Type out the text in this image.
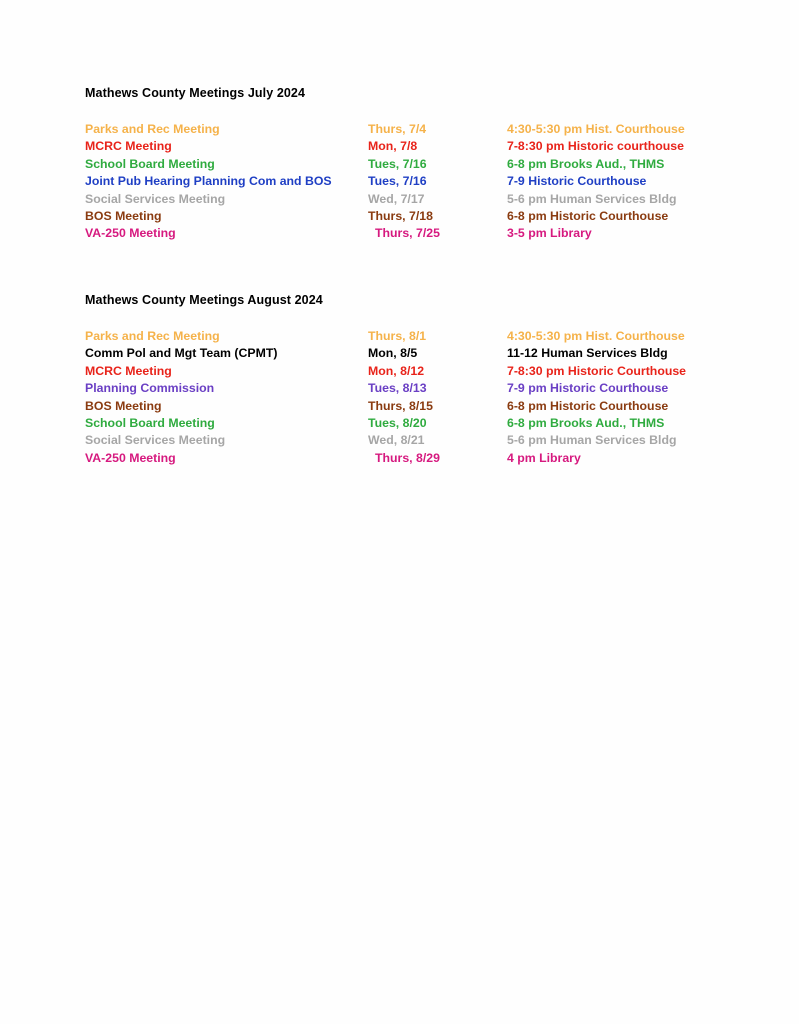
Mathews County Meetings July 2024
Parks and Rec Meeting	Thurs, 7/4	4:30-5:30 pm Hist. Courthouse
MCRC Meeting	Mon, 7/8	7-8:30 pm Historic courthouse
School Board Meeting	Tues, 7/16	6-8 pm Brooks Aud., THMS
Joint Pub Hearing Planning Com and BOS	Tues, 7/16	7-9 Historic Courthouse
Social Services Meeting	Wed, 7/17	5-6 pm Human Services Bldg
BOS Meeting	Thurs, 7/18	6-8 pm Historic Courthouse
VA-250 Meeting	Thurs, 7/25	3-5 pm Library
Mathews County Meetings August 2024
Parks and Rec Meeting	Thurs, 8/1	4:30-5:30 pm Hist. Courthouse
Comm Pol and Mgt Team (CPMT)	Mon, 8/5	11-12 Human Services Bldg
MCRC Meeting	Mon, 8/12	7-8:30 pm Historic Courthouse
Planning Commission	Tues, 8/13	7-9 pm Historic Courthouse
BOS Meeting	Thurs, 8/15	6-8 pm Historic Courthouse
School Board Meeting	Tues, 8/20	6-8 pm Brooks Aud., THMS
Social Services Meeting	Wed, 8/21	5-6 pm Human Services Bldg
VA-250 Meeting	Thurs, 8/29	4 pm Library
